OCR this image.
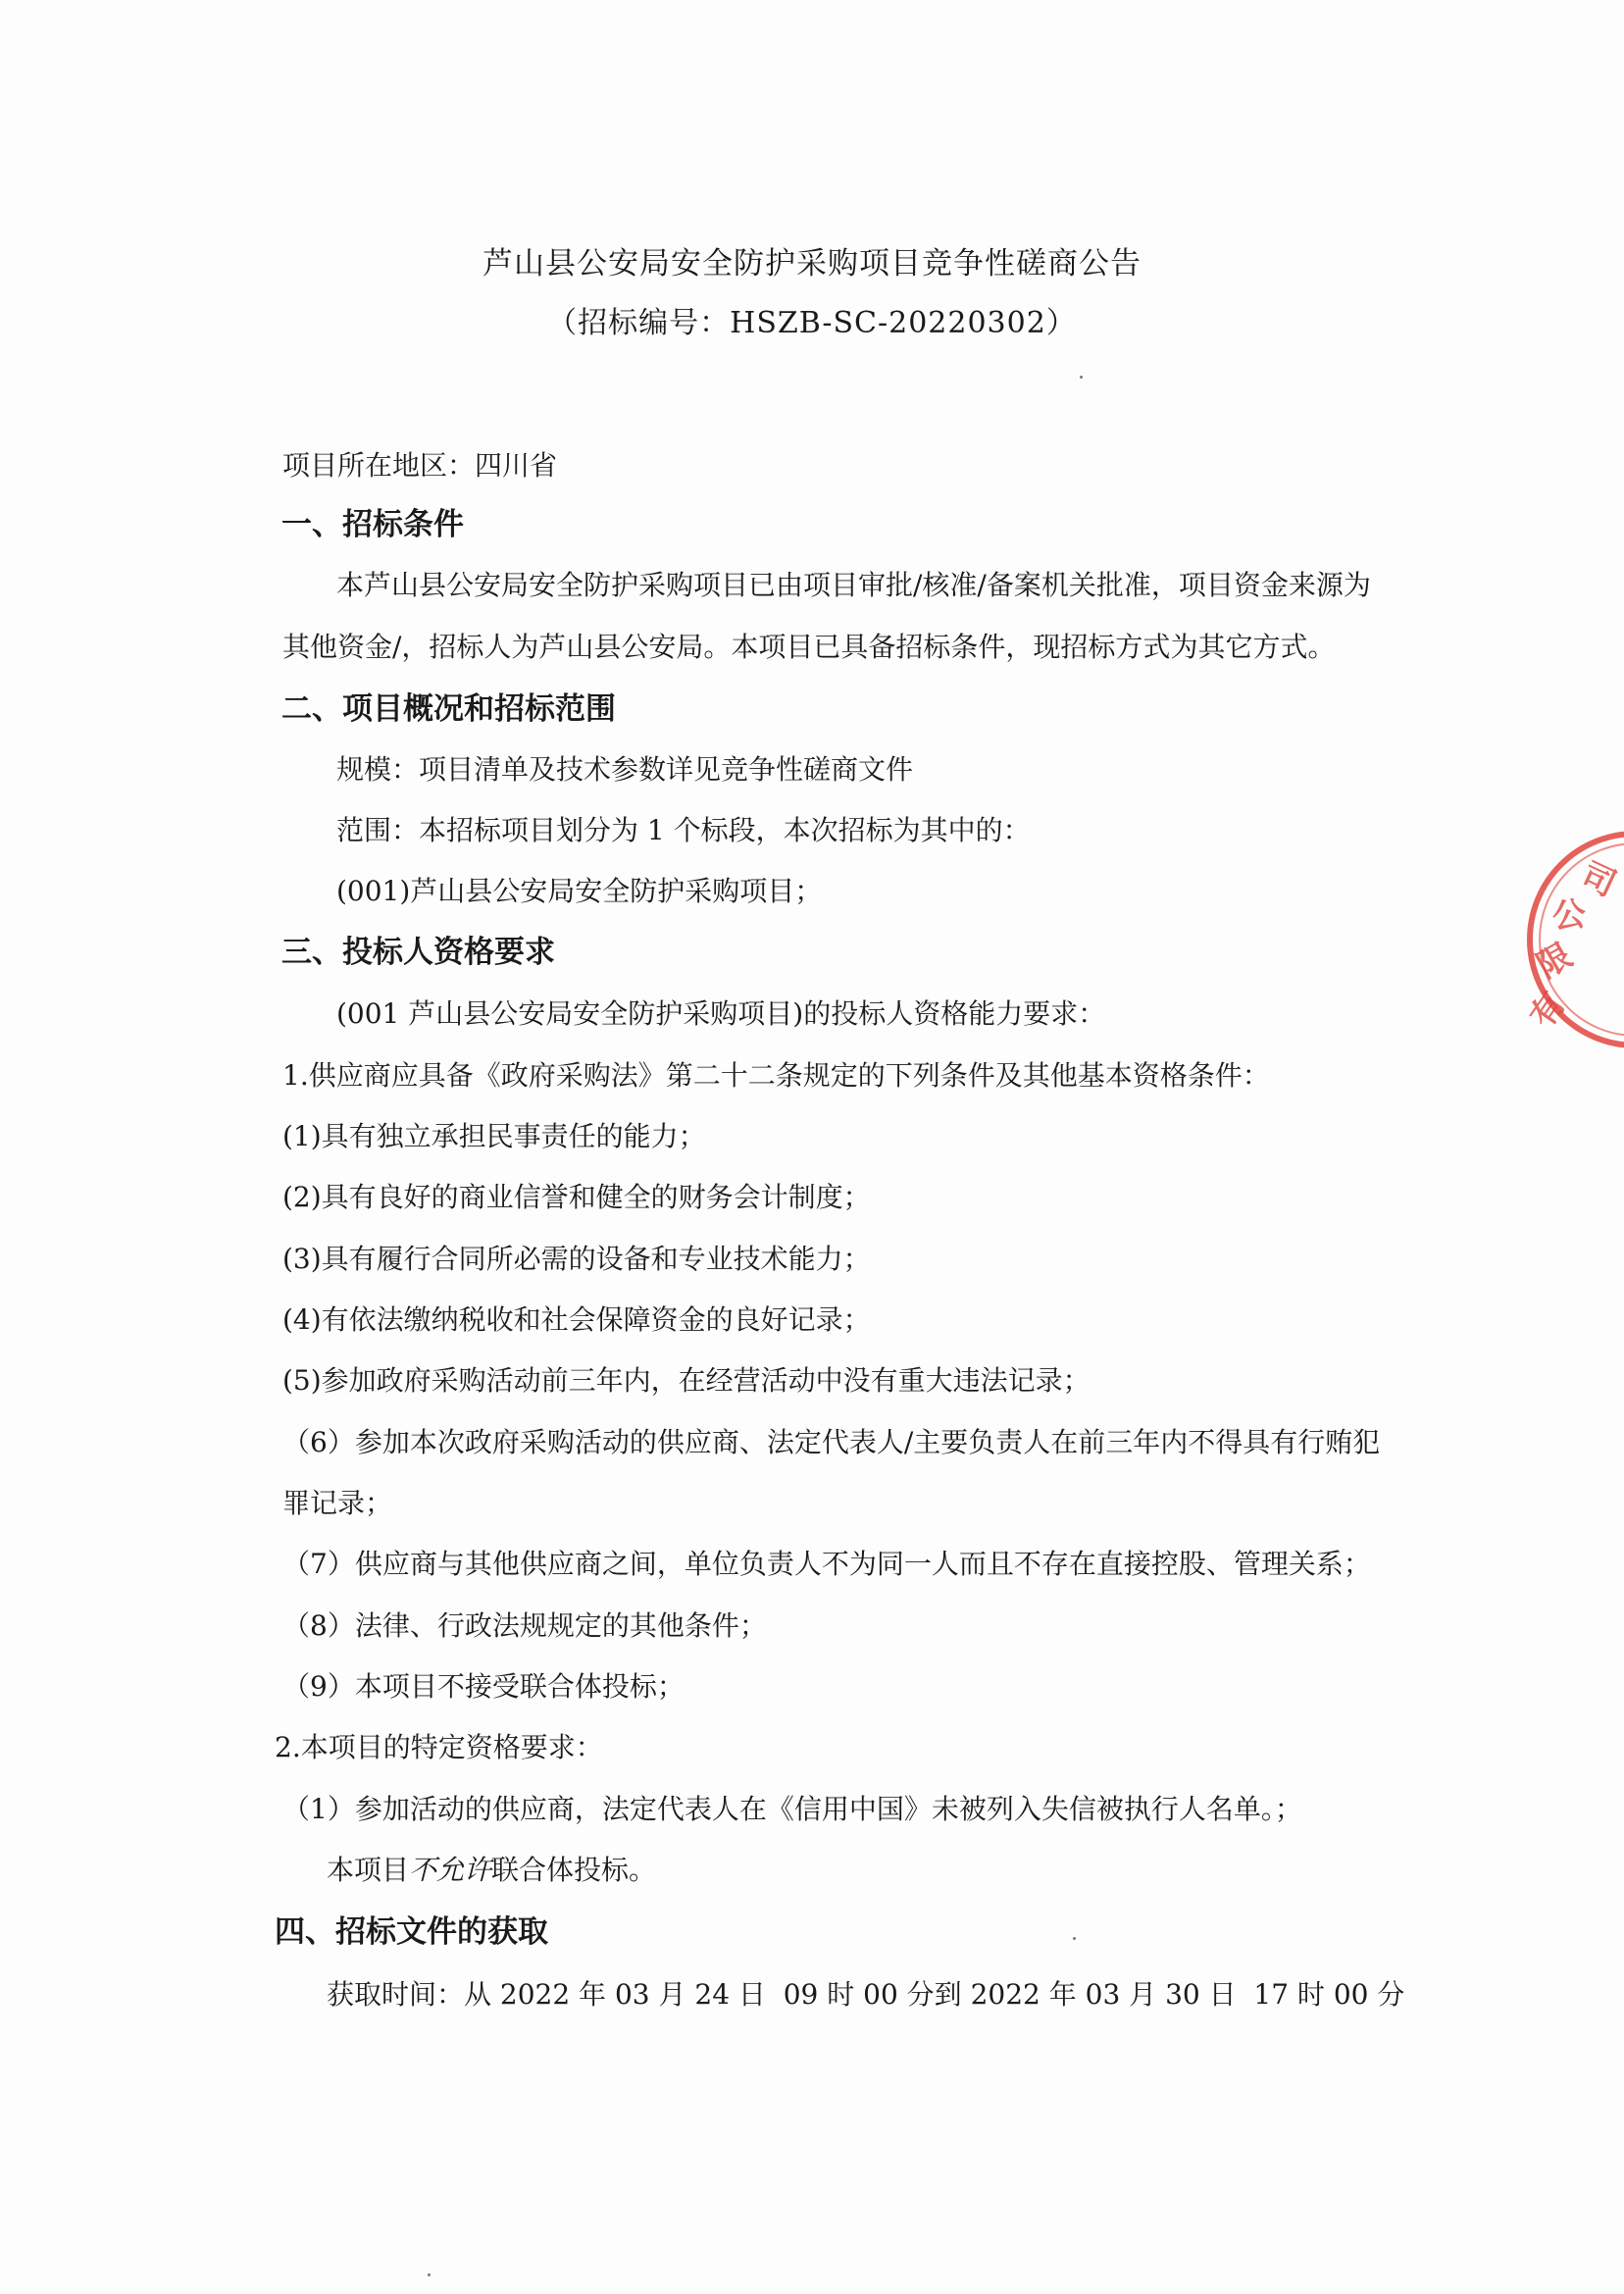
芦山县公安局安全防护采购项目竞争性磋商公告
（招标编号：HSZB-SC-20220302）
项目所在地区：四川省
一、招标条件
本芦山县公安局安全防护采购项目已由项目审批/核准/备案机关批准，项目资金来源为
其他资金/，招标人为芦山县公安局。本项目已具备招标条件，现招标方式为其它方式。
二、项目概况和招标范围
规模：项目清单及技术参数详见竞争性磋商文件
范围：本招标项目划分为 1 个标段，本次招标为其中的：
(001)芦山县公安局安全防护采购项目；
三、投标人资格要求
(001 芦山县公安局安全防护采购项目)的投标人资格能力要求：
1.供应商应具备《政府采购法》第二十二条规定的下列条件及其他基本资格条件：
(1)具有独立承担民事责任的能力；
(2)具有良好的商业信誉和健全的财务会计制度；
(3)具有履行合同所必需的设备和专业技术能力；
(4)有依法缴纳税收和社会保障资金的良好记录；
(5)参加政府采购活动前三年内，在经营活动中没有重大违法记录；
（6）参加本次政府采购活动的供应商、法定代表人/主要负责人在前三年内不得具有行贿犯
罪记录；
（7）供应商与其他供应商之间，单位负责人不为同一人而且不存在直接控股、管理关系；
（8）法律、行政法规规定的其他条件；
（9）本项目不接受联合体投标；
2.本项目的特定资格要求：
（1）参加活动的供应商，法定代表人在《信用中国》未被列入失信被执行人名单。；
本项目不允许联合体投标。
四、招标文件的获取
获取时间：从 2022 年 03 月 24 日  09 时 00 分到 2022 年 03 月 30 日  17 时 00 分
有
限
公
司
